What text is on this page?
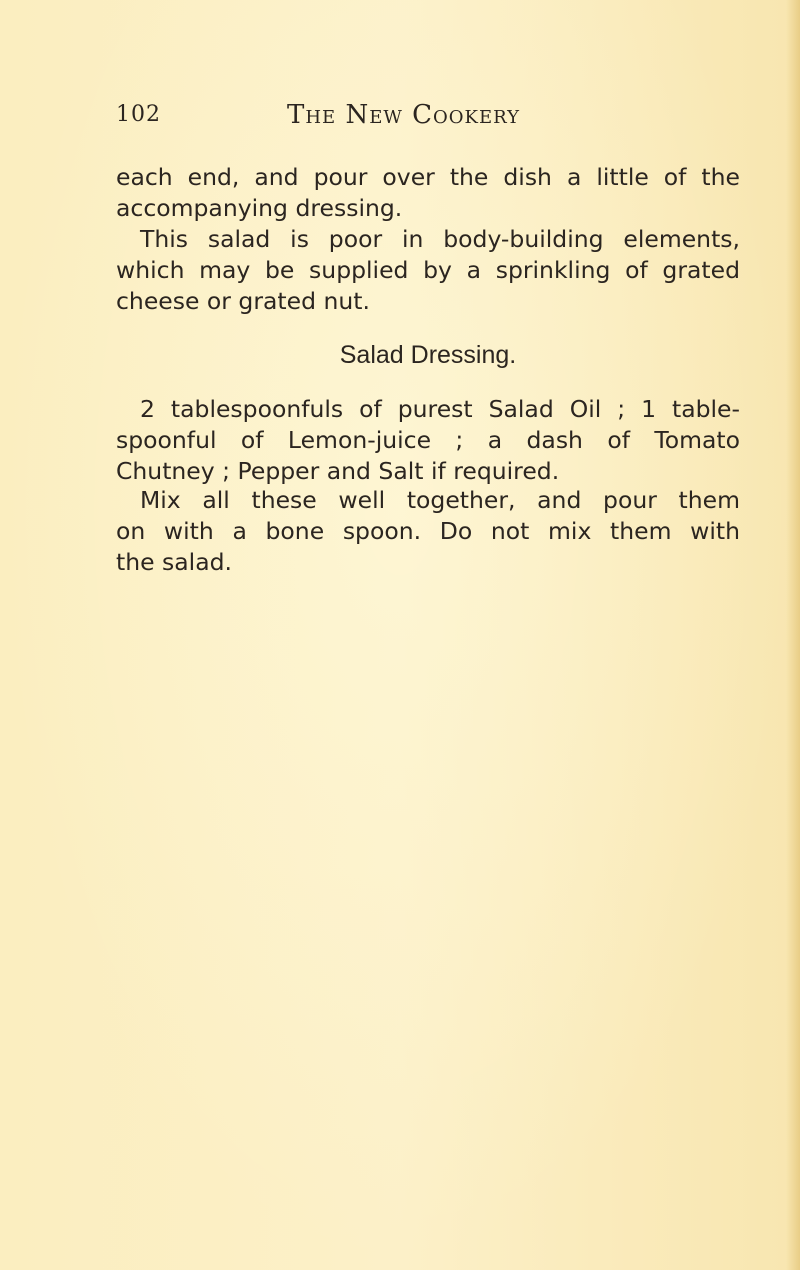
102	The New Cookery
each end, and pour over the dish a little of the
accompanying dressing.
This salad is poor in body-building elements,
which may be supplied by a sprinkling of grated
cheese or grated nut.
Salad Dressing.
2 tablespoonfuls of purest Salad Oil ; 1 table-
spoonful of Lemon-juice ; a dash of Tomato
Chutney ; Pepper and Salt if required.
Mix all these well together, and pour them
on with a bone spoon. Do not mix them with
the salad.
